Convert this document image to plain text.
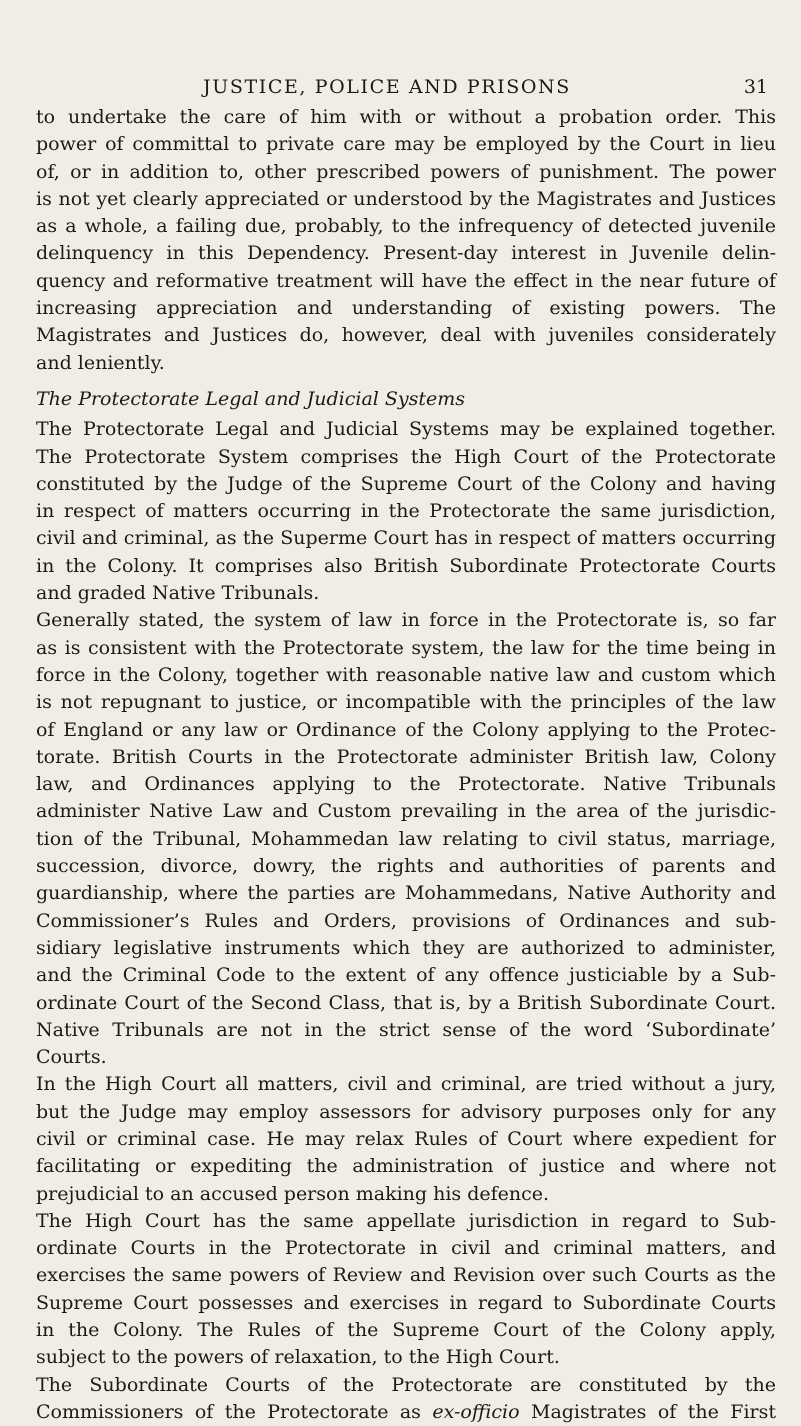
JUSTICE, POLICE AND PRISONS	31
to undertake the care of him with or without a probation order. This
power of committal to private care may be employed by the Court in lieu
of, or in addition to, other prescribed powers of punishment. The power
is not yet clearly appreciated or understood by the Magistrates and Justices
as a whole, a failing due, probably, to the infrequency of detected juvenile
delinquency in this Dependency. Present-day interest in Juvenile delin-
quency and reformative treatment will have the effect in the near future of
increasing appreciation and understanding of existing powers. The
Magistrates and Justices do, however, deal with juveniles considerately
and leniently.
The Protectorate Legal and Judicial Systems
The Protectorate Legal and Judicial Systems may be explained together.
The Protectorate System comprises the High Court of the Protectorate
constituted by the Judge of the Supreme Court of the Colony and having
in respect of matters occurring in the Protectorate the same jurisdiction,
civil and criminal, as the Superme Court has in respect of matters occurring
in the Colony. It comprises also British Subordinate Protectorate Courts
and graded Native Tribunals.
Generally stated, the system of law in force in the Protectorate is, so far
as is consistent with the Protectorate system, the law for the time being in
force in the Colony, together with reasonable native law and custom which
is not repugnant to justice, or incompatible with the principles of the law
of England or any law or Ordinance of the Colony applying to the Protec-
torate. British Courts in the Protectorate administer British law, Colony
law, and Ordinances applying to the Protectorate. Native Tribunals
administer Native Law and Custom prevailing in the area of the jurisdic-
tion of the Tribunal, Mohammedan law relating to civil status, marriage,
succession, divorce, dowry, the rights and authorities of parents and
guardianship, where the parties are Mohammedans, Native Authority and
Commissioner’s Rules and Orders, provisions of Ordinances and sub-
sidiary legislative instruments which they are authorized to administer,
and the Criminal Code to the extent of any offence justiciable by a Sub-
ordinate Court of the Second Class, that is, by a British Subordinate Court.
Native Tribunals are not in the strict sense of the word ‘Subordinate’
Courts.
In the High Court all matters, civil and criminal, are tried without a jury,
but the Judge may employ assessors for advisory purposes only for any
civil or criminal case. He may relax Rules of Court where expedient for
facilitating or expediting the administration of justice and where not
prejudicial to an accused person making his defence.
The High Court has the same appellate jurisdiction in regard to Sub-
ordinate Courts in the Protectorate in civil and criminal matters, and
exercises the same powers of Review and Revision over such Courts as the
Supreme Court possesses and exercises in regard to Subordinate Courts
in the Colony. The Rules of the Supreme Court of the Colony apply,
subject to the powers of relaxation, to the High Court.
The Subordinate Courts of the Protectorate are constituted by the
Commissioners of the Protectorate as ex-officio Magistrates of the First
